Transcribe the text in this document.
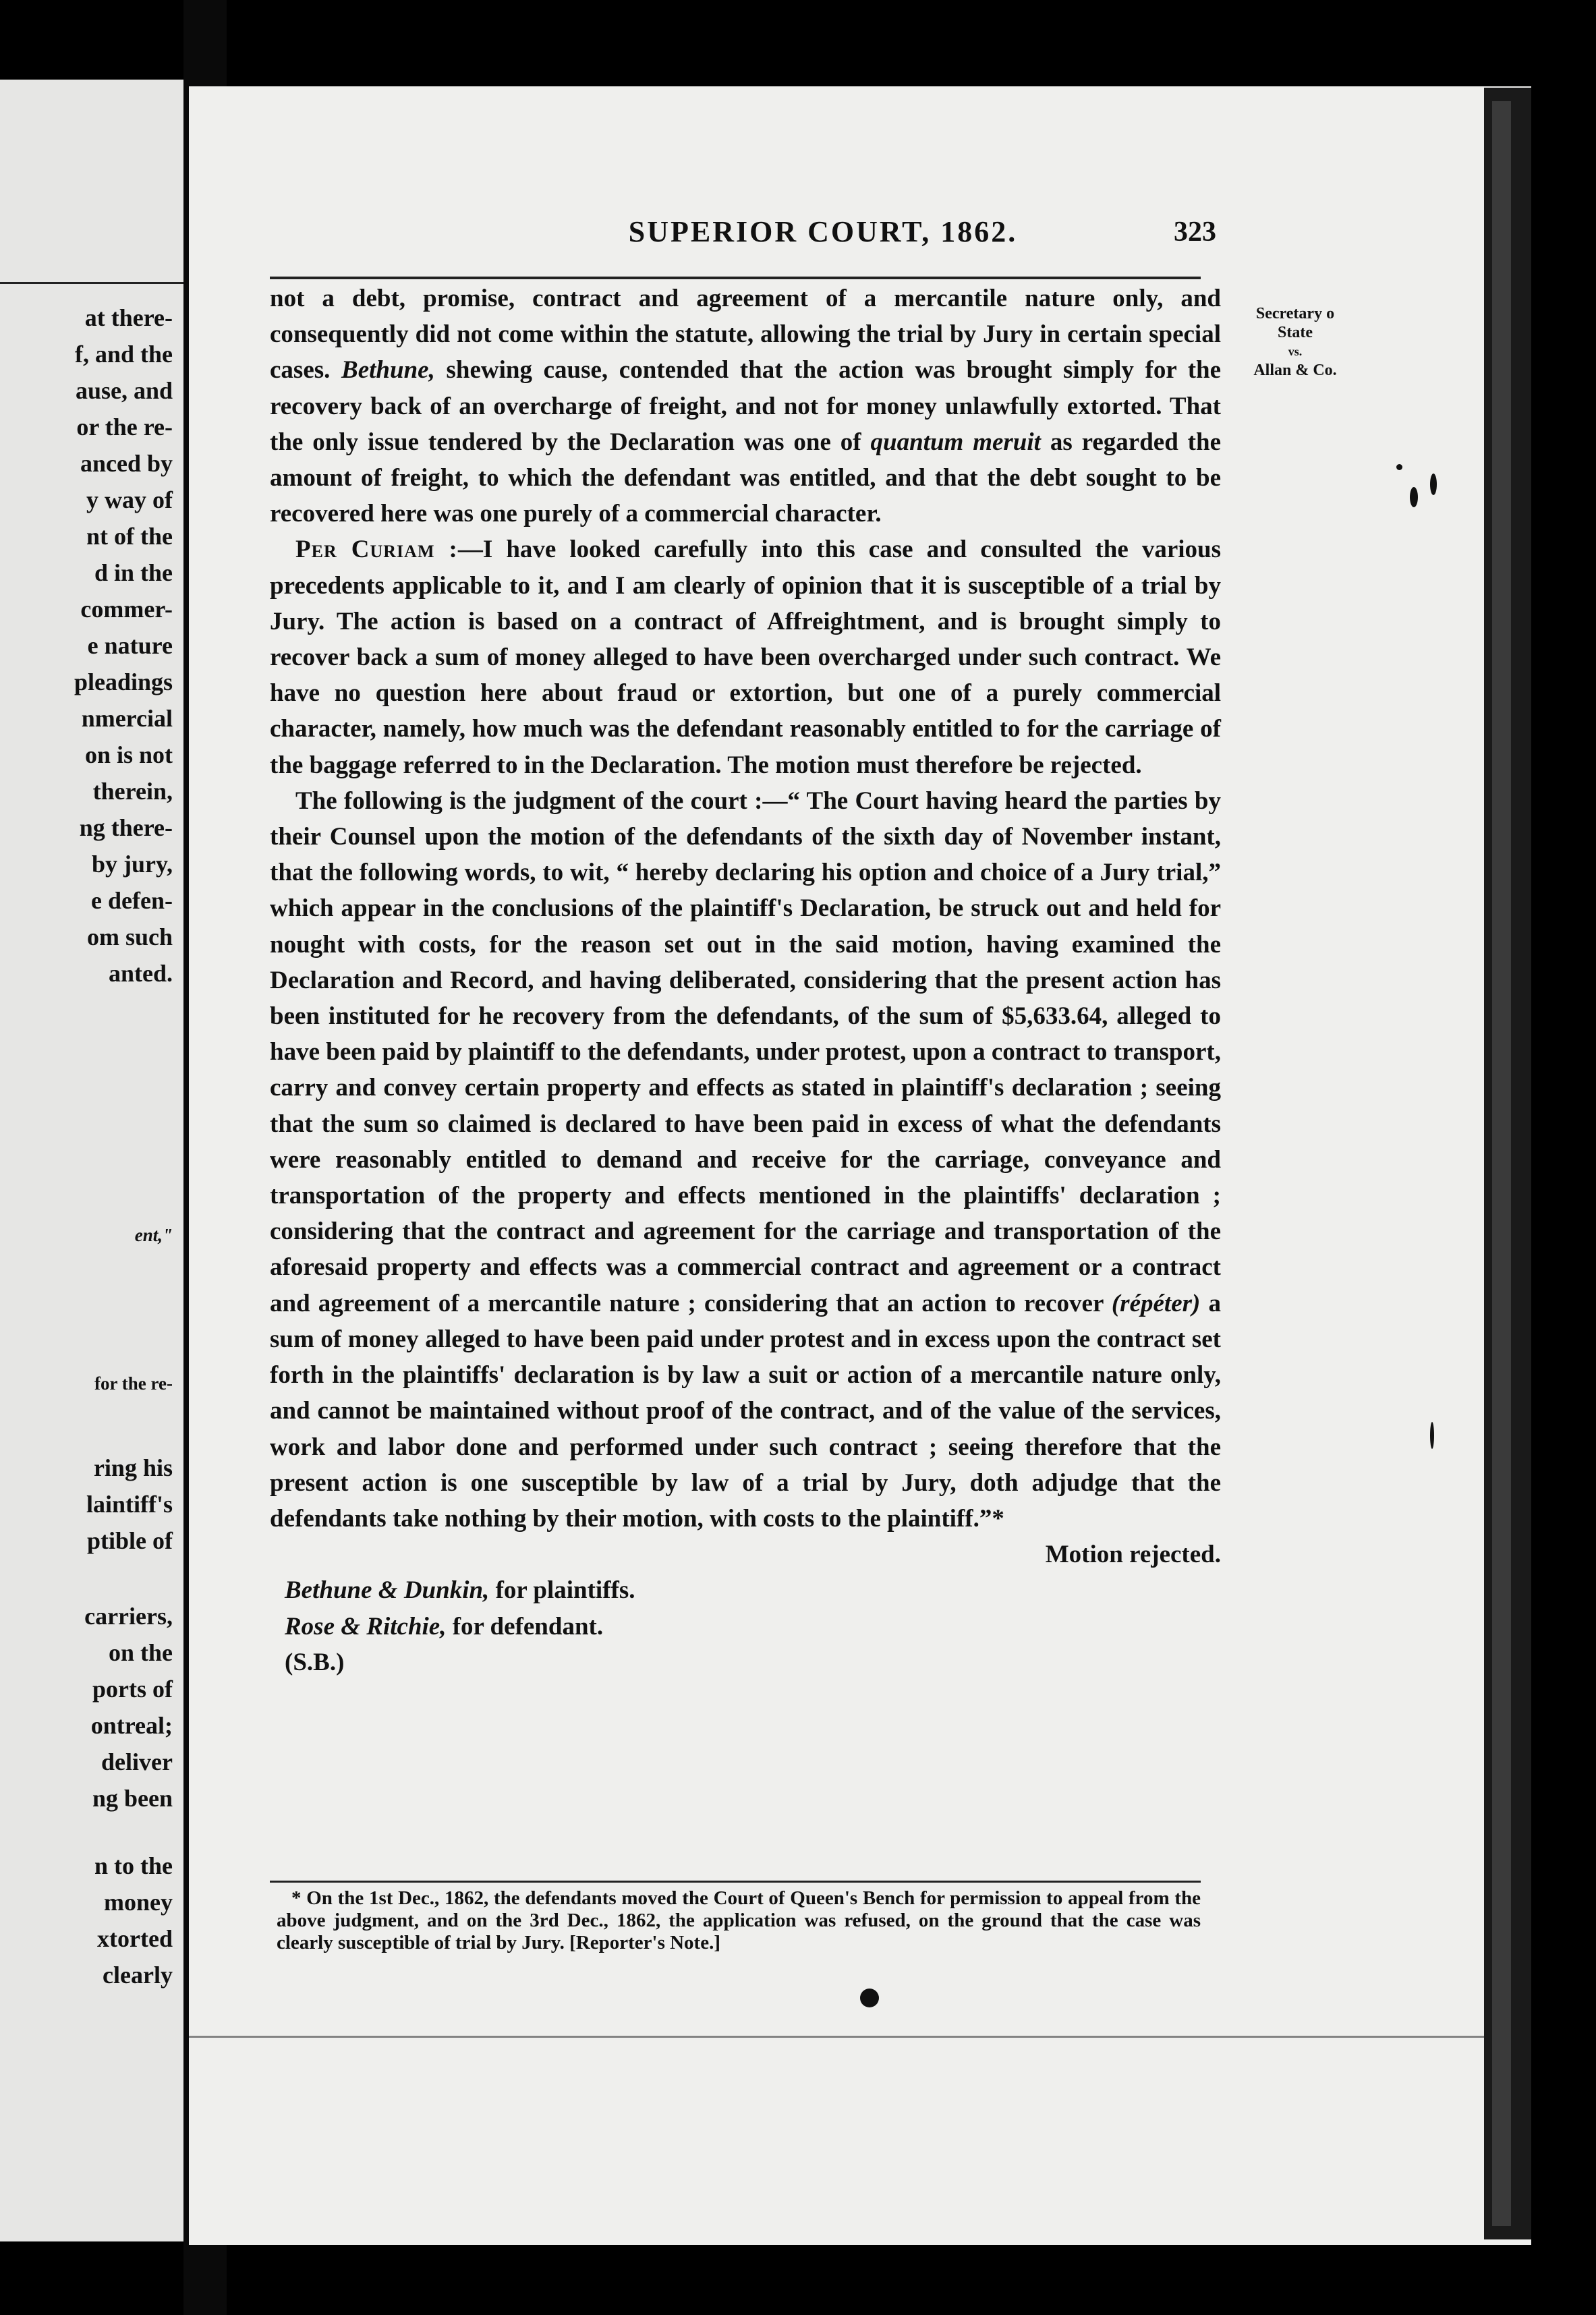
at there-
f, and the
ause, and
or the re-
anced by
y way of
nt of the
d in the
commer-
e nature
pleadings
nmercial
on is not
therein,
ng there-
by jury,
e defen-
om such
anted.
ent,"
for the re-
ring his
laintiff's
ptible of
carriers,
on the
ports of
ontreal;
deliver
ng been
n to the
money
xtorted
clearly
SUPERIOR COURT, 1862.	323
Secretary o
State
vs.
Allan & Co.

not a debt, promise, contract and agreement of a mercantile nature only, and consequently did not come within the statute, allowing the trial by Jury in certain special cases. Bethune, shewing cause, contended that the action was brought simply for the recovery back of an overcharge of freight, and not for money unlawfully extorted. That the only issue tendered by the Declaration was one of quantum meruit as regarded the amount of freight, to which the defendant was entitled, and that the debt sought to be recovered here was one purely of a commercial character.

Per Curiam :—I have looked carefully into this case and consulted the various precedents applicable to it, and I am clearly of opinion that it is susceptible of a trial by Jury. The action is based on a contract of Affreightment, and is brought simply to recover back a sum of money alleged to have been overcharged under such contract. We have no question here about fraud or extortion, but one of a purely commercial character, namely, how much was the defendant reasonably entitled to for the carriage of the baggage referred to in the Declaration. The motion must therefore be rejected.

The following is the judgment of the court :—“ The Court having heard the parties by their Counsel upon the motion of the defendants of the sixth day of November instant, that the following words, to wit, “ hereby declaring his option and choice of a Jury trial,” which appear in the conclusions of the plaintiff's Declaration, be struck out and held for nought with costs, for the reason set out in the said motion, having examined the Declaration and Record, and having deliberated, considering that the present action has been instituted for he recovery from the defendants, of the sum of $5,633.64, alleged to have been paid by plaintiff to the defendants, under protest, upon a contract to transport, carry and convey certain property and effects as stated in plaintiff's declaration ; seeing that the sum so claimed is declared to have been paid in excess of what the defendants were reasonably entitled to demand and receive for the carriage, conveyance and transportation of the property and effects mentioned in the plaintiffs' declaration ; considering that the contract and agreement for the carriage and transportation of the aforesaid property and effects was a commercial contract and agreement or a contract and agreement of a mercantile nature ; considering that an action to recover (répéter) a sum of money alleged to have been paid under protest and in excess upon the contract set forth in the plaintiffs' declaration is by law a suit or action of a mercantile nature only, and cannot be maintained without proof of the contract, and of the value of the services, work and labor done and performed under such contract ; seeing therefore that the present action is one susceptible by law of a trial by Jury, doth adjudge that the defendants take nothing by their motion, with costs to the plaintiff.”*

Motion rejected.

Bethune & Dunkin, for plaintiffs.

Rose & Ritchie, for defendant.

(S.B.)

* On the 1st Dec., 1862, the defendants moved the Court of Queen's Bench for permission to appeal from the above judgment, and on the 3rd Dec., 1862, the application was refused, on the ground that the case was clearly susceptible of trial by Jury. [Reporter's Note.]
